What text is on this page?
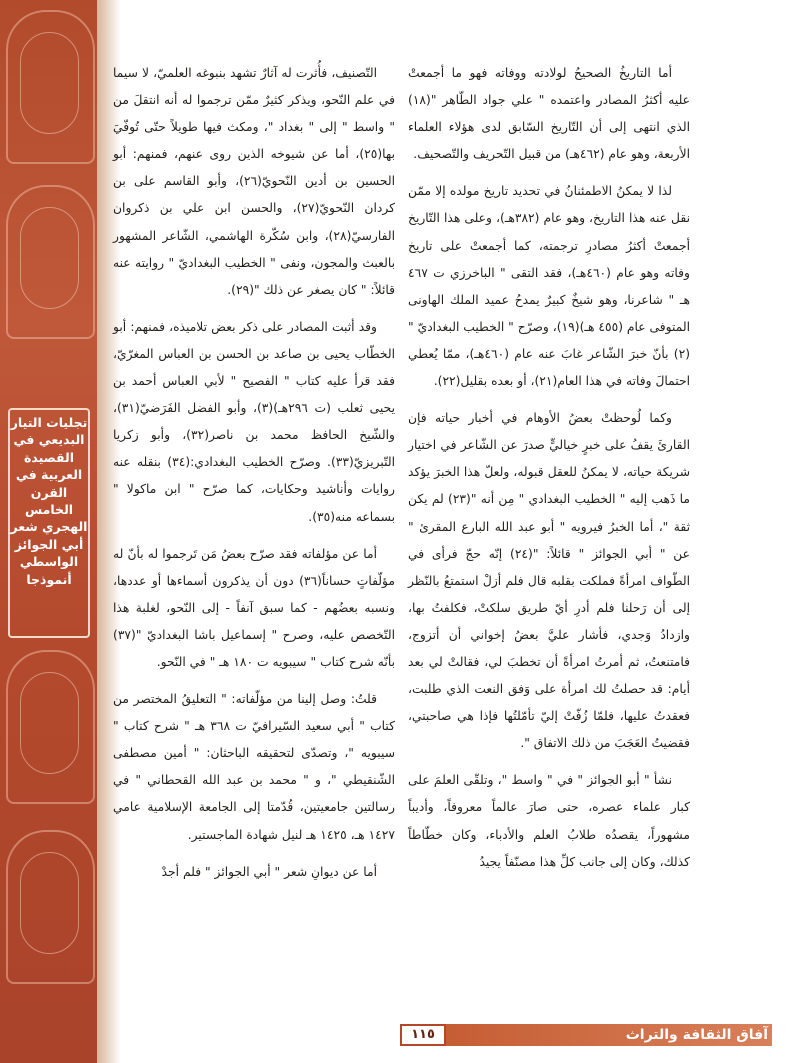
تجليات التيار البديعي في القصيدة العربية في القرن الخامس الهجري شعر أبي الجوائز الواسطي أنموذجا

أما التاريخُ الصحيحُ لولادته ووفاته فهو ما أجمعتْ عليه أكثرُ المصادر واعتمده " علي جواد الطّاهر "(١٨) الذي انتهى إلى أن التّاريخ السّابق لدى هؤلاء العلماء الأربعة، وهو عام (٤٦٢هـ) من قبيل التّحريف والتّصحيف.

لذا لا يمكنُ الاطمئنانُ في تحديد تاريخ مولده إلا ممّن نقل عنه هذا التاريخ، وهو عام (٣٨٢هـ)، وعلى هذا التّاريخ أجمعتْ أكثرُ مصادرِ ترجمته، كما أجمعتْ على تاريخ وفاته وهو عام (٤٦٠هـ)، فقد التقى " الباخرزي ت ٤٦٧ هـ " شاعرنا، وهو شيخٌ كبيرٌ يمدحُ عميد الملك الهاونى المتوفى عام (٤٥٥ هـ)(١٩)، وصرّح " الخطيب البغداديّ "(٢) بأنّ خبرَ الشّاعر غابَ عنه عام (٤٦٠هـ)، ممّا يُعطي احتمالَ وفاته في هذا العام(٢١)، أو بعده بقليل(٢٢).

وكما لُوحظتْ بعضُ الأوهام في أخبار حياته فإن القارئَ يقفُ على خبرٍ خياليٍّ صدرَ عن الشّاعر في اختيار شريكة حياته، لا يمكنُ للعقل قبوله، ولعلّ هذا الخبرَ يؤكد ما ذَهب إليه " الخطيب البغدادي " مِن أنه "(٢٣) لم يكن ثقة "، أما الخبرُ فيرويه " أبو عبد الله البارع المقرئ " عن " أبي الجوائز " قائلاً: "(٢٤) إنّه حجّ فرأى في الطّواف امرأةً فملكت بقلبه قال فلم أزلْ استمتعُ بالنّظر إلى أن رَحلنا فلم أدرِ أيّ طريق سلكتْ، فكلفتُ بها، وازدادُ وَجدي، فأشار عليَّ بعضُ إخواني أن أتزوج، فامتنعتُ، ثم أمرتُ امرأةً أن تخطبَ لي، فقالتْ لي بعد أيام: قد حصلتُ لك امرأة على وَفق النعت الذي طلبت، فعقدتُ عليها، فلمّا زُفّتْ إليّ تأمّلتُها فإذا هي صاحبتي، فقضيتُ العَجَبَ من ذلك الاتفاق ".

نشأ " أبو الجوائز " في " واسط "، وتلقّى العلمَ على كبار علماء عصره، حتى صارَ عالماً معروفاً، وأديباً مشهوراً، يقصدُه طلابُ العلم والأدباء، وكان خطّاطاً كذلك، وكان إلى جانب كلِّ هذا مصنّفاً يجيدُ

التّصنيف، فأُثرت له آثارٌ تشهد بنبوغه العلميّ، لا سيما في علم النّحو، ويذكر كثيرٌ ممّن ترجموا له أنه انتقلَ من " واسط " إلى " بغداد "، ومكث فيها طويلاً حتّى تُوفّيَ بها(٢٥)، أما عن شيوخه الذين روى عنهم، فمنهم: أبو الحسين بن أدين النّحويّ(٢٦)، وأبو القاسم على بن كردان النّحويّ(٢٧)، والحسن ابن علي بن ذكروان الفارسيّ(٢٨)، وابن سُكّرة الهاشمي، الشّاعر المشهور بالعبث والمجون، ونفى " الخطيب البغداديّ " روايته عنه قائلاً: " كان يصغر عن ذلك "(٢٩).

وقد أثبت المصادر على ذكر بعض تلاميذه، فمنهم: أبو الخطّاب يحيى بن صاعد بن الحسن بن العباس المغرّيّ، فقد قرأ عليه كتاب " الفصيح " لأبي العباس أحمد بن يحيى ثعلب (ت ٢٩٦هـ)(٣)، وأبو الفضل الفَرَضيّ(٣١)، والشّيخ الحافظ محمد بن ناصر(٣٢)، وأبو زكريا التّبريزيّ(٣٣). وصرّح الخطيب البغدادي:(٣٤) بنقله عنه روايات وأناشيد وحكايات، كما صرّح " ابن ماكولا " بسماعه منه(٣٥).

أما عن مؤلفاته فقد صرّح بعضُ مَن تَرجموا له بأنّ له مؤلّفاتٍ حساناً(٣٦) دون أن يذكرون أسماءها أو عددها، ونسبه بعضُهم - كما سبق آنفاً - إلى النّحو، لغلبة هذا التّخصص عليه، وصرح " إسماعيل باشا البغداديّ "(٣٧) بأنّه شرح كتاب " سيبويه ت ١٨٠ هـ " في النّحو.

قلتُ: وصل إلينا من مؤلّفاته: " التعليقُ المختصر من كتاب " أبي سعيد السّيرافيّ ت ٣٦٨ هـ " شرح كتاب " سيبويه "، وتصدّى لتحقيقه الباحثان: " أمين مصطفى الشّنقيطي "، و " محمد بن عبد الله القحطاني " في رسالتين جامعيتين، قُدّمتا إلى الجامعة الإسلامية عامي ١٤٢٧ هـ، ١٤٢٥ هـ لنيل شهادة الماجستير.

أما عن ديوانِ شعر " أبي الجوائز " فلم أجدْ

١١٥	آفاق الثقافة والتراث
